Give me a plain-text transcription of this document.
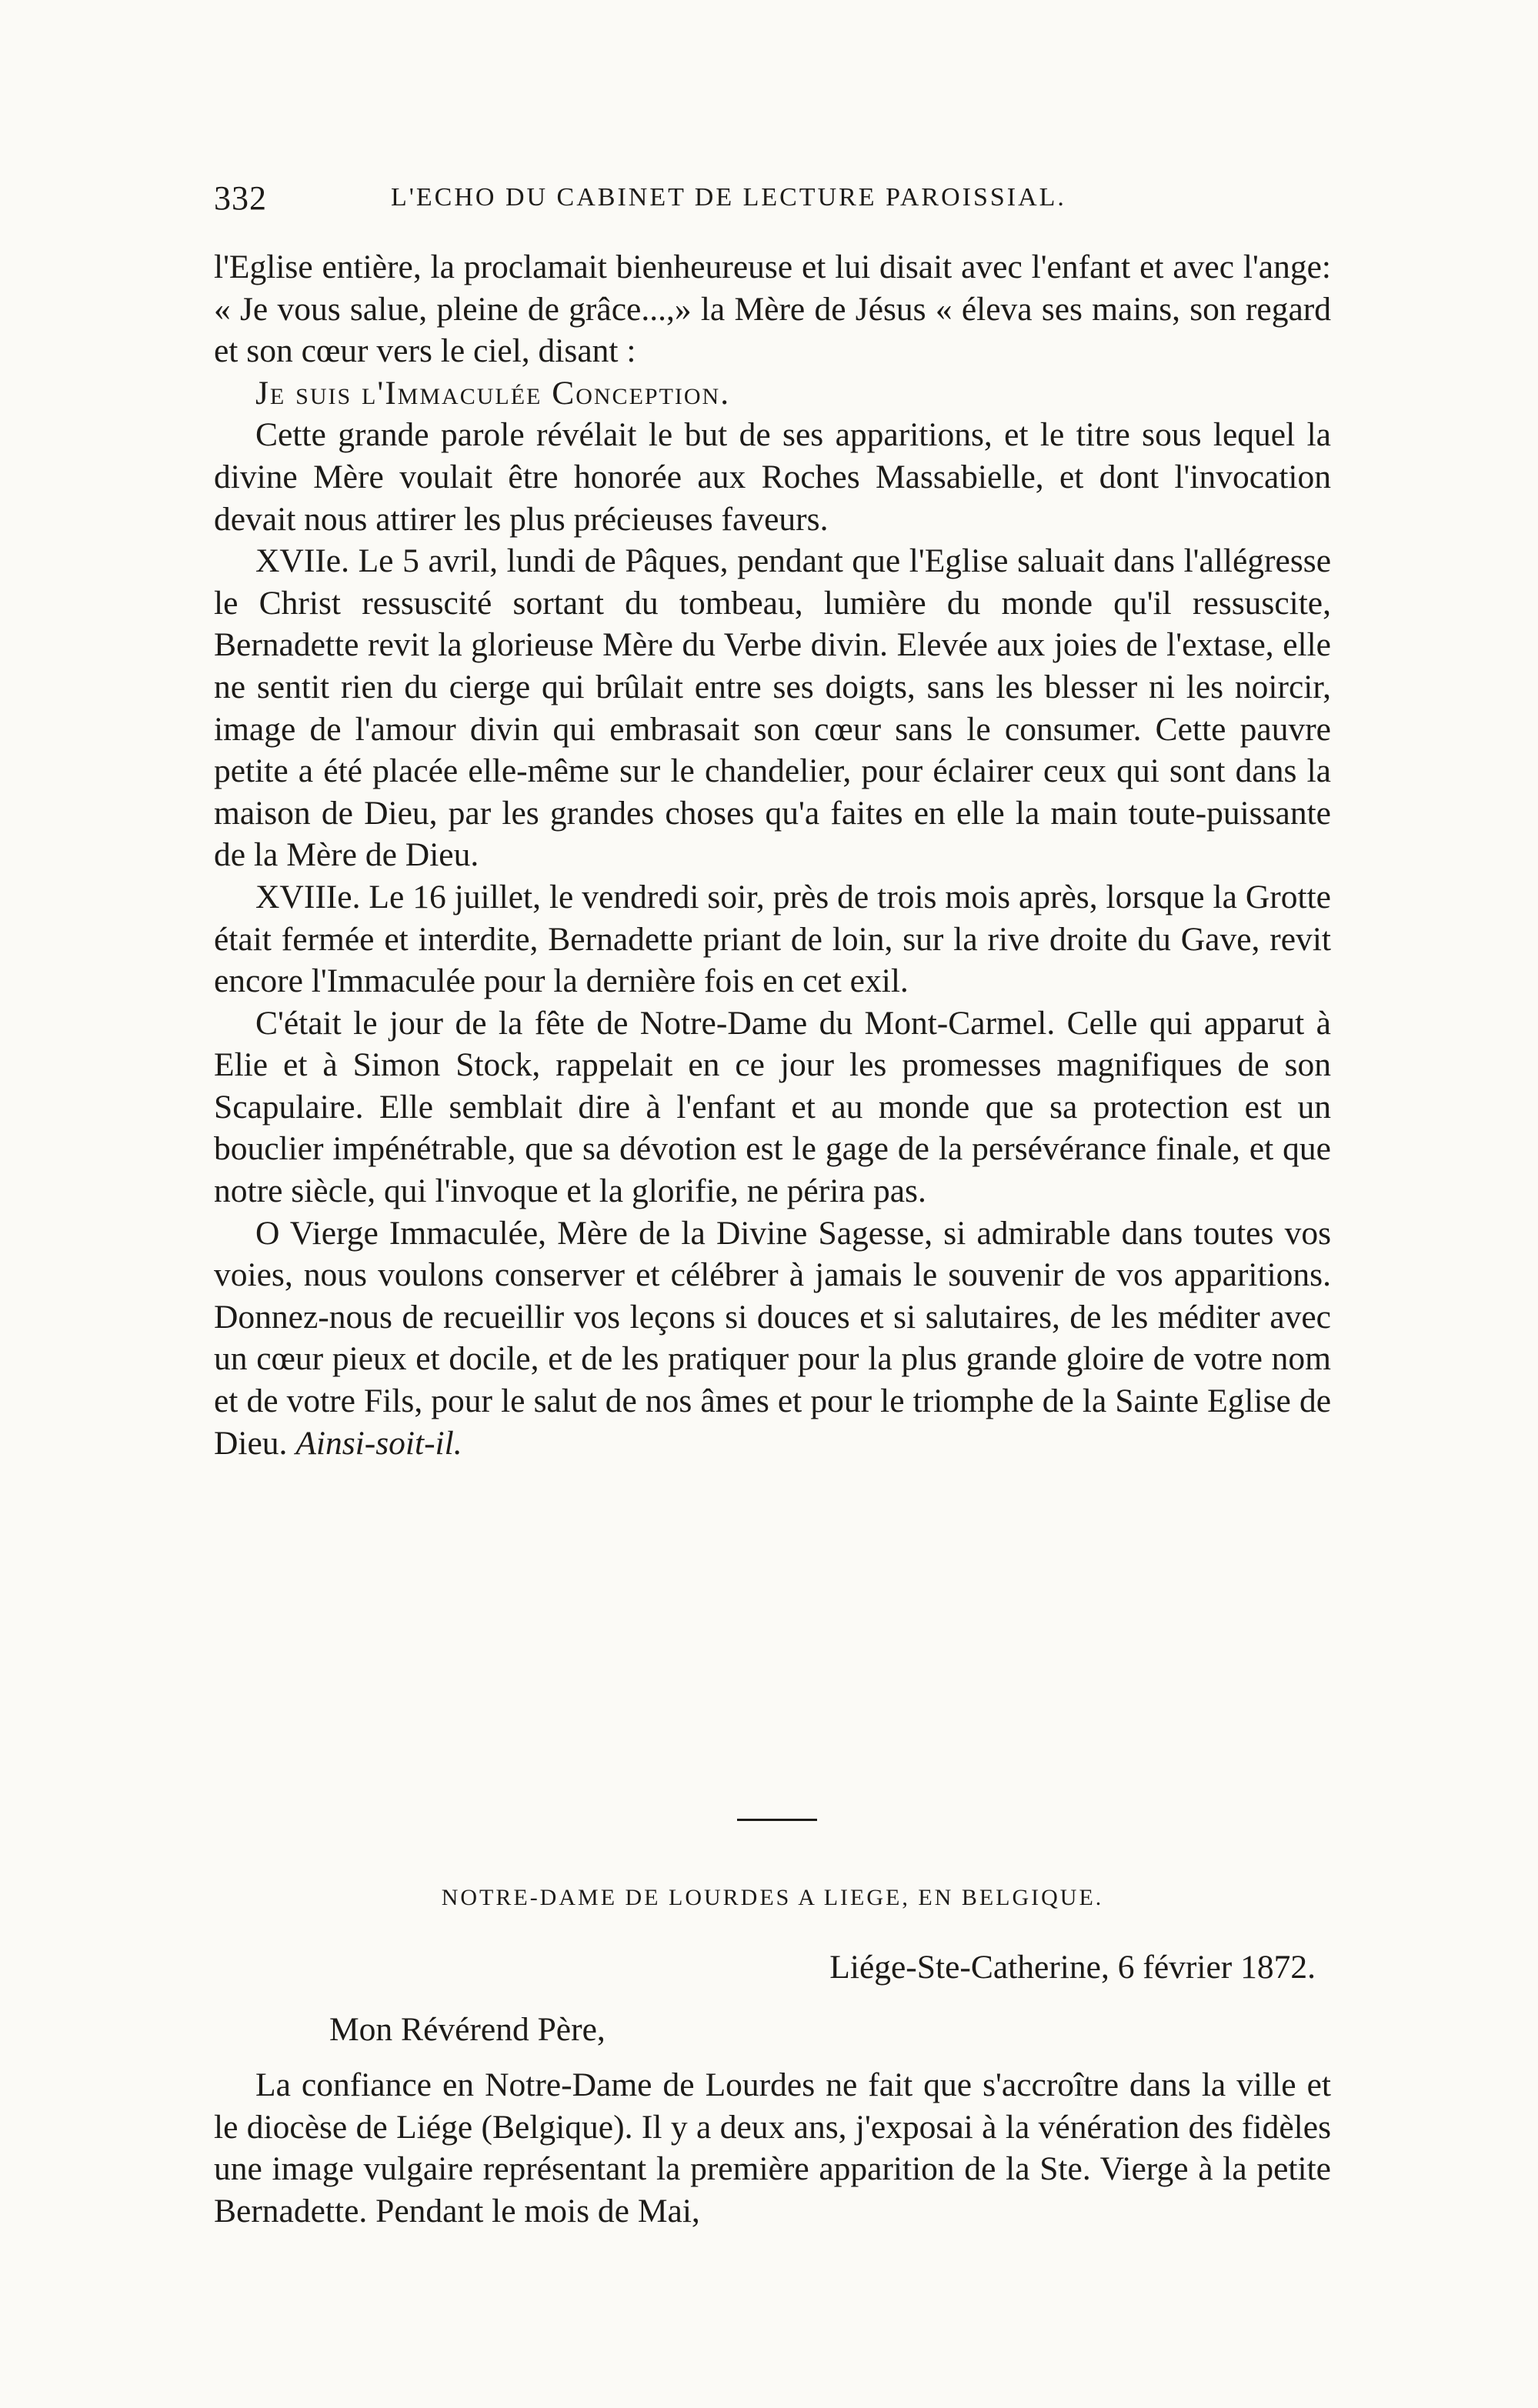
332	L'ECHO DU CABINET DE LECTURE PAROISSIAL.

l'Eglise entière, la proclamait bienheureuse et lui disait avec l'enfant et avec l'ange: « Je vous salue, pleine de grâce...,» la Mère de Jésus « éleva ses mains, son regard et son cœur vers le ciel, disant :

Je suis l'Immaculée Conception.

Cette grande parole révélait le but de ses apparitions, et le titre sous lequel la divine Mère voulait être honorée aux Roches Massabielle, et dont l'invocation devait nous attirer les plus précieuses faveurs.

XVIIe. Le 5 avril, lundi de Pâques, pendant que l'Eglise saluait dans l'allégresse le Christ ressuscité sortant du tombeau, lumière du monde qu'il ressuscite, Bernadette revit la glorieuse Mère du Verbe divin. Elevée aux joies de l'extase, elle ne sentit rien du cierge qui brûlait entre ses doigts, sans les blesser ni les noircir, image de l'amour divin qui embrasait son cœur sans le consumer. Cette pauvre petite a été placée elle-même sur le chandelier, pour éclairer ceux qui sont dans la maison de Dieu, par les grandes choses qu'a faites en elle la main toute-puissante de la Mère de Dieu.

XVIIIe. Le 16 juillet, le vendredi soir, près de trois mois après, lorsque la Grotte était fermée et interdite, Bernadette priant de loin, sur la rive droite du Gave, revit encore l'Immaculée pour la dernière fois en cet exil.

C'était le jour de la fête de Notre-Dame du Mont-Carmel. Celle qui apparut à Elie et à Simon Stock, rappelait en ce jour les promesses magnifiques de son Scapulaire. Elle semblait dire à l'enfant et au monde que sa protection est un bouclier impénétrable, que sa dévotion est le gage de la persévérance finale, et que notre siècle, qui l'invoque et la glorifie, ne périra pas.

O Vierge Immaculée, Mère de la Divine Sagesse, si admirable dans toutes vos voies, nous voulons conserver et célébrer à jamais le souvenir de vos apparitions. Donnez-nous de recueillir vos leçons si douces et si salutaires, de les méditer avec un cœur pieux et docile, et de les pratiquer pour la plus grande gloire de votre nom et de votre Fils, pour le salut de nos âmes et pour le triomphe de la Sainte Eglise de Dieu. Ainsi-soit-il.

NOTRE-DAME DE LOURDES A LIEGE, EN BELGIQUE.

Liége-Ste-Catherine, 6 février 1872.

Mon Révérend Père,

La confiance en Notre-Dame de Lourdes ne fait que s'accroître dans la ville et le diocèse de Liége (Belgique). Il y a deux ans, j'exposai à la vénération des fidèles une image vulgaire représentant la première apparition de la Ste. Vierge à la petite Bernadette. Pendant le mois de Mai,
